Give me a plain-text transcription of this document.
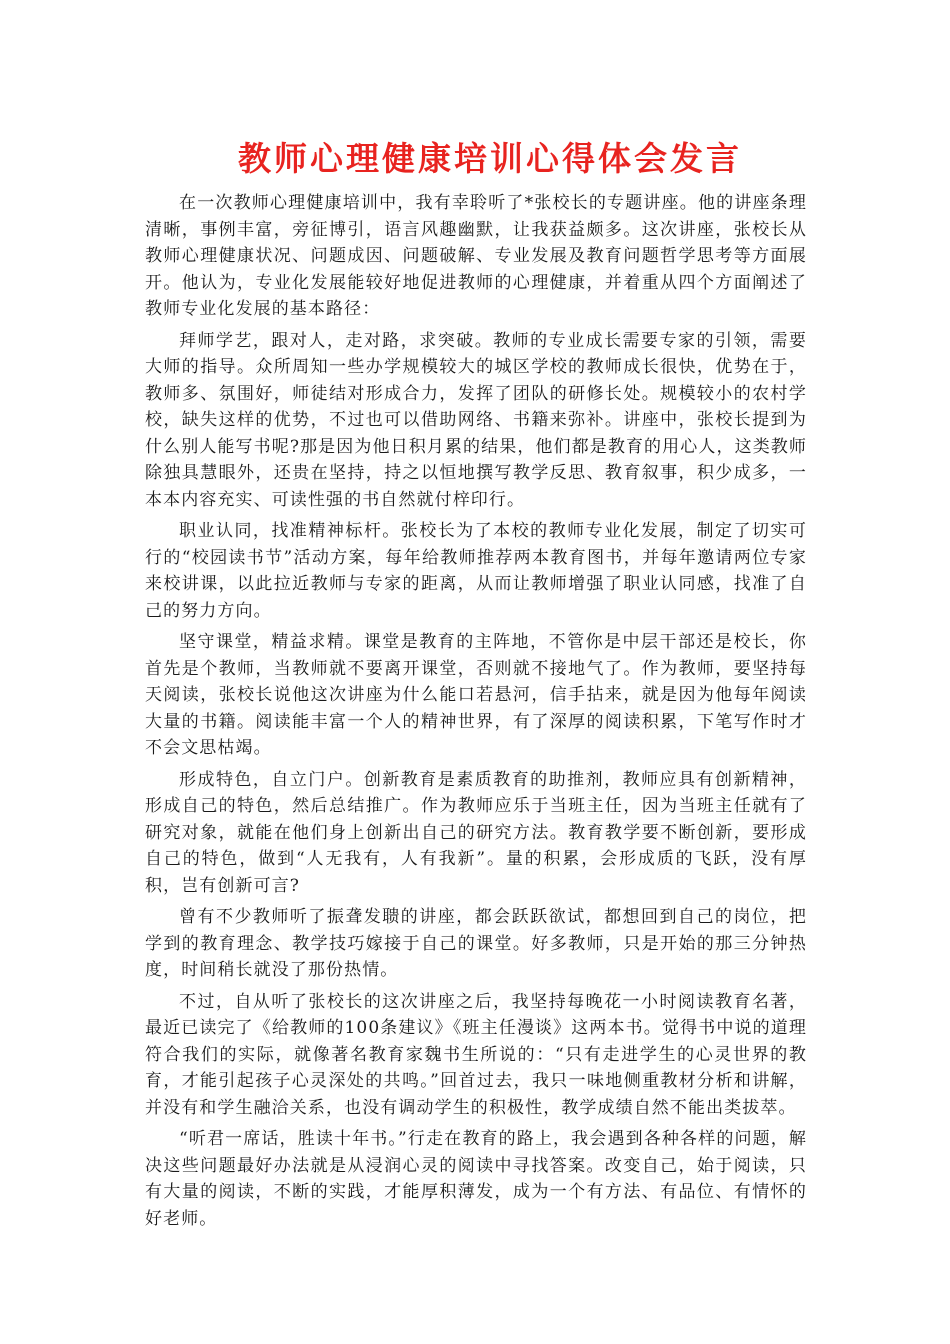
教师心理健康培训心得体会发言

在一次教师心理健康培训中，我有幸聆听了*张校长的专题讲座。他的讲座条理清晰，事例丰富，旁征博引，语言风趣幽默，让我获益颇多。这次讲座，张校长从教师心理健康状况、问题成因、问题破解、专业发展及教育问题哲学思考等方面展开。他认为，专业化发展能较好地促进教师的心理健康，并着重从四个方面阐述了教师专业化发展的基本路径：

拜师学艺，跟对人，走对路，求突破。教师的专业成长需要专家的引领，需要大师的指导。众所周知一些办学规模较大的城区学校的教师成长很快，优势在于，教师多、氛围好，师徒结对形成合力，发挥了团队的研修长处。规模较小的农村学校，缺失这样的优势，不过也可以借助网络、书籍来弥补。讲座中，张校长提到为什么别人能写书呢?那是因为他日积月累的结果，他们都是教育的用心人，这类教师除独具慧眼外，还贵在坚持，持之以恒地撰写教学反思、教育叙事，积少成多，一本本内容充实、可读性强的书自然就付梓印行。

职业认同，找准精神标杆。张校长为了本校的教师专业化发展，制定了切实可行的“校园读书节”活动方案，每年给教师推荐两本教育图书，并每年邀请两位专家来校讲课，以此拉近教师与专家的距离，从而让教师增强了职业认同感，找准了自己的努力方向。

坚守课堂，精益求精。课堂是教育的主阵地，不管你是中层干部还是校长，你首先是个教师，当教师就不要离开课堂，否则就不接地气了。作为教师，要坚持每天阅读，张校长说他这次讲座为什么能口若悬河，信手拈来，就是因为他每年阅读大量的书籍。阅读能丰富一个人的精神世界，有了深厚的阅读积累，下笔写作时才不会文思枯竭。

形成特色，自立门户。创新教育是素质教育的助推剂，教师应具有创新精神，形成自己的特色，然后总结推广。作为教师应乐于当班主任，因为当班主任就有了研究对象，就能在他们身上创新出自己的研究方法。教育教学要不断创新，要形成自己的特色，做到“人无我有，人有我新”。量的积累，会形成质的飞跃，没有厚积，岂有创新可言?

曾有不少教师听了振聋发聩的讲座，都会跃跃欲试，都想回到自己的岗位，把学到的教育理念、教学技巧嫁接于自己的课堂。好多教师，只是开始的那三分钟热度，时间稍长就没了那份热情。

不过，自从听了张校长的这次讲座之后，我坚持每晚花一小时阅读教育名著，最近已读完了《给教师的100条建议》《班主任漫谈》这两本书。觉得书中说的道理符合我们的实际，就像著名教育家魏书生所说的：“只有走进学生的心灵世界的教育，才能引起孩子心灵深处的共鸣。”回首过去，我只一味地侧重教材分析和讲解，并没有和学生融洽关系，也没有调动学生的积极性，教学成绩自然不能出类拔萃。

“听君一席话，胜读十年书。”行走在教育的路上，我会遇到各种各样的问题，解决这些问题最好办法就是从浸润心灵的阅读中寻找答案。改变自己，始于阅读，只有大量的阅读，不断的实践，才能厚积薄发，成为一个有方法、有品位、有情怀的好老师。
